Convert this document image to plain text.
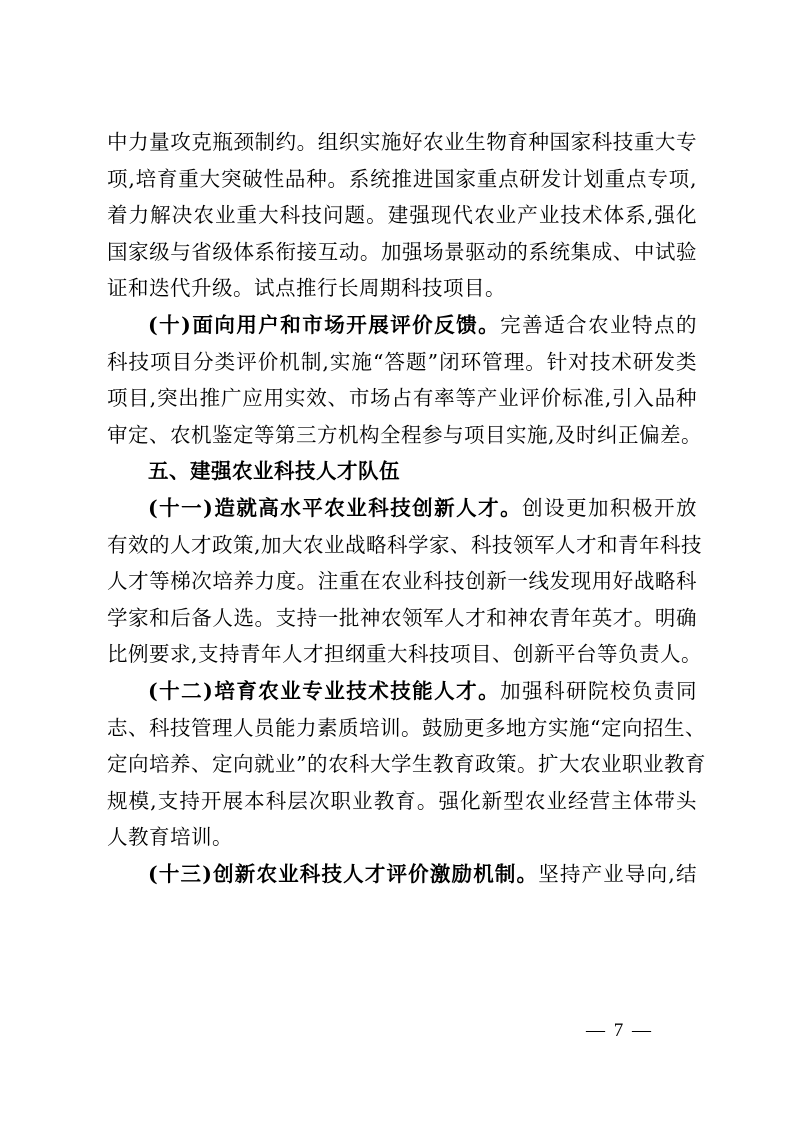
中力量攻克瓶颈制约。组织实施好农业生物育种国家科技重大专
项,培育重大突破性品种。系统推进国家重点研发计划重点专项,
着力解决农业重大科技问题。建强现代农业产业技术体系,强化
国家级与省级体系衔接互动。加强场景驱动的系统集成、中试验
证和迭代升级。试点推行长周期科技项目。
(十)面向用户和市场开展评价反馈。完善适合农业特点的
科技项目分类评价机制,实施“答题”闭环管理。针对技术研发类
项目,突出推广应用实效、市场占有率等产业评价标准,引入品种
审定、农机鉴定等第三方机构全程参与项目实施,及时纠正偏差。
五、建强农业科技人才队伍
(十一)造就高水平农业科技创新人才。创设更加积极开放
有效的人才政策,加大农业战略科学家、科技领军人才和青年科技
人才等梯次培养力度。注重在农业科技创新一线发现用好战略科
学家和后备人选。支持一批神农领军人才和神农青年英才。明确
比例要求,支持青年人才担纲重大科技项目、创新平台等负责人。
(十二)培育农业专业技术技能人才。加强科研院校负责同
志、科技管理人员能力素质培训。鼓励更多地方实施“定向招生、
定向培养、定向就业”的农科大学生教育政策。扩大农业职业教育
规模,支持开展本科层次职业教育。强化新型农业经营主体带头
人教育培训。
(十三)创新农业科技人才评价激励机制。坚持产业导向,结
— 7 —
